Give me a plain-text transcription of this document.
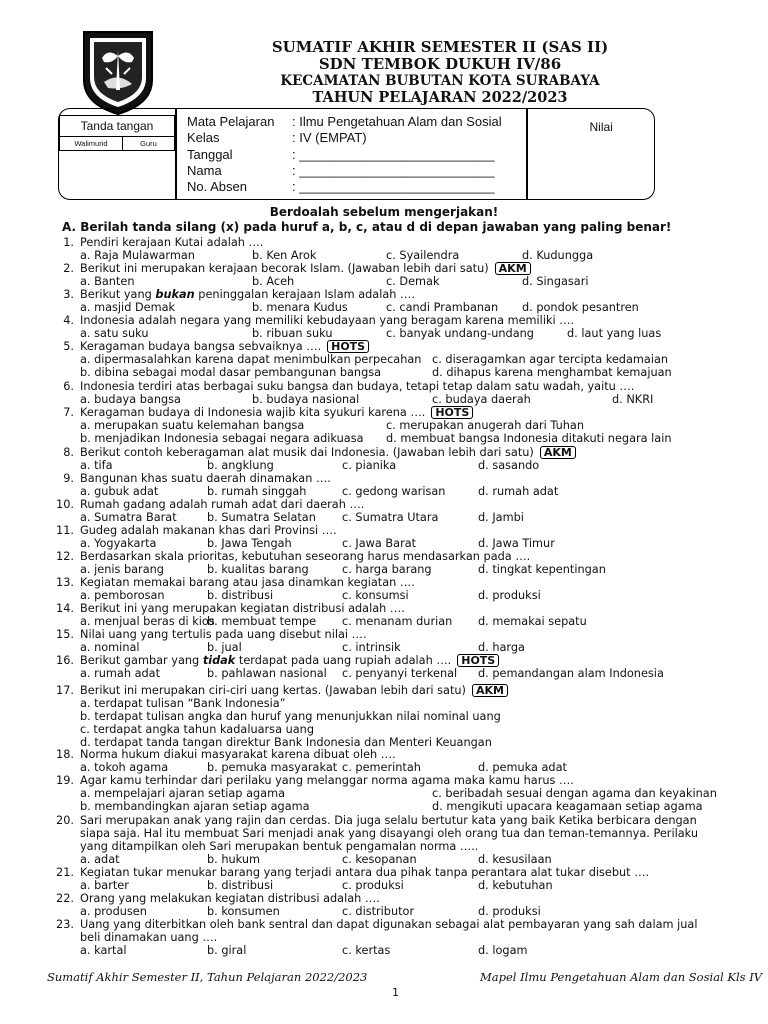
SUMATIF AKHIR SEMESTER II (SAS II)
SDN TEMBOK DUKUH IV/86
KECAMATAN BUBUTAN KOTA SURABAYA
TAHUN PELAJARAN 2022/2023
Tanda tangan
Walimurid	Guru
Nilai
Mata Pelajaran : Ilmu Pengetahuan Alam dan Sosial
Kelas	: IV (EMPAT)
Tanggal	: ___________________________
Nama	: ___________________________
No. Absen	: ___________________________
Berdoalah sebelum mengerjakan!
A. Berilah tanda silang (x) pada huruf a, b, c, atau d di depan jawaban yang paling benar!
1. Pendiri kerajaan Kutai adalah ….
a. Raja Mulawarman	b. Ken Arok	c. Syailendra	d. Kudungga
2. Berikut ini merupakan kerajaan becorak Islam. (Jawaban lebih dari satu) AKM
a. Banten	b. Aceh	c. Demak	d. Singasari
3. Berikut yang bukan peninggalan kerajaan Islam adalah ….
a. masjid Demak	b. menara Kudus	c. candi Prambanan d. pondok pesantren
4. Indonesia adalah negara yang memiliki kebudayaan yang beragam karena memiliki ….
a. satu suku	b. ribuan suku	c. banyak undang-undang	d. laut yang luas
5. Keragaman budaya bangsa sebvaiknya …. HOTS
a. dipermasalahkan karena dapat menimbulkan perpecahan c. diseragamkan agar tercipta kedamaian
b. dibina sebagai modal dasar pembangunan bangsa	d. dihapus karena menghambat kemajuan
6. Indonesia terdiri atas berbagai suku bangsa dan budaya, tetapi tetap dalam satu wadah, yaitu ….
a. budaya bangsa	b. budaya nasional	c. budaya daerah	d. NKRI
7. Keragaman budaya di Indonesia wajib kita syukuri karena …. HOTS
a. merupakan suatu kelemahan bangsa	c. merupakan anugerah dari Tuhan
b. menjadikan Indonesia sebagai negara adikuasa d. membuat bangsa Indonesia ditakuti negara lain
8. Berikut contoh keberagaman alat musik dai Indonesia. (Jawaban lebih dari satu) AKM
a. tifa	b. angklung	c. pianika	d. sasando
9. Bangunan khas suatu daerah dinamakan ….
a. gubuk adat	b. rumah singgah	c. gedong warisan	d. rumah adat
10. Rumah gadang adalah rumah adat dari daerah ….
a. Sumatra Barat	b. Sumatra Selatan c. Sumatra Utara	d. Jambi
11. Gudeg adalah makanan khas dari Provinsi ….
a. Yogyakarta	b. Jawa Tengah	c. Jawa Barat	d. Jawa Timur
12. Berdasarkan skala prioritas, kebutuhan seseorang harus mendasarkan pada ….
a. jenis barang	b. kualitas barang	c. harga barang	d. tingkat kepentingan
13. Kegiatan memakai barang atau jasa dinamkan kegiatan ….
a. pemborosan	b. distribusi	c. konsumsi	d. produksi
14. Berikut ini yang merupakan kegiatan distribusi adalah ….
a. menjual beras di kios
b. membuat tempe c. menanam durian d. memakai sepatu
15. Nilai uang yang tertulis pada uang disebut nilai ….
a. nominal	b. jual	c. intrinsik	d. harga
16. Berikut gambar yang tidak terdapat pada uang rupiah adalah …. HOTS
a. rumah adat	b. pahlawan nasional c. penyanyi terkenal d. pemandangan alam Indonesia
17. Berikut ini merupakan ciri-ciri uang kertas. (Jawaban lebih dari satu) AKM
a. terdapat tulisan “Bank Indonesia”
b. terdapat tulisan angka dan huruf yang menunjukkan nilai nominal uang
c. terdapat angka tahun kadaluarsa uang
d. terdapat tanda tangan direktur Bank Indonesia dan Menteri Keuangan
18. Norma hukum diakui masyarakat karena dibuat oleh ….
a. tokoh agama	b. pemuka masyarakat c. pemerintah	d. pemuka adat
19. Agar kamu terhindar dari perilaku yang melanggar norma agama maka kamu harus ….
a. mempelajari ajaran setiap agama	c. beribadah sesuai dengan agama dan keyakinan
b. membandingkan ajaran setiap agama	d. mengikuti upacara keagamaan setiap agama
20. Sari merupakan anak yang rajin dan cerdas. Dia juga selalu bertutur kata yang baik Ketika berbicara dengan
siapa saja. Hal itu membuat Sari menjadi anak yang disayangi oleh orang tua dan teman-temannya. Perilaku
yang ditampilkan oleh Sari merupakan bentuk pengamalan norma …..
a. adat	b. hukum	c. kesopanan	d. kesusilaan
21. Kegiatan tukar menukar barang yang terjadi antara dua pihak tanpa perantara alat tukar disebut ….
a. barter	b. distribusi	c. produksi	d. kebutuhan
22. Orang yang melakukan kegiatan distribusi adalah ….
a. produsen	b. konsumen	c. distributor	d. produksi
23. Uang yang diterbitkan oleh bank sentral dan dapat digunakan sebagai alat pembayaran yang sah dalam jual
beli dinamakan uang ….
a. kartal	b. giral	c. kertas	d. logam
Sumatif Akhir Semester II, Tahun Pelajaran 2022/2023	Mapel Ilmu Pengetahuan Alam dan Sosial Kls IV
1
